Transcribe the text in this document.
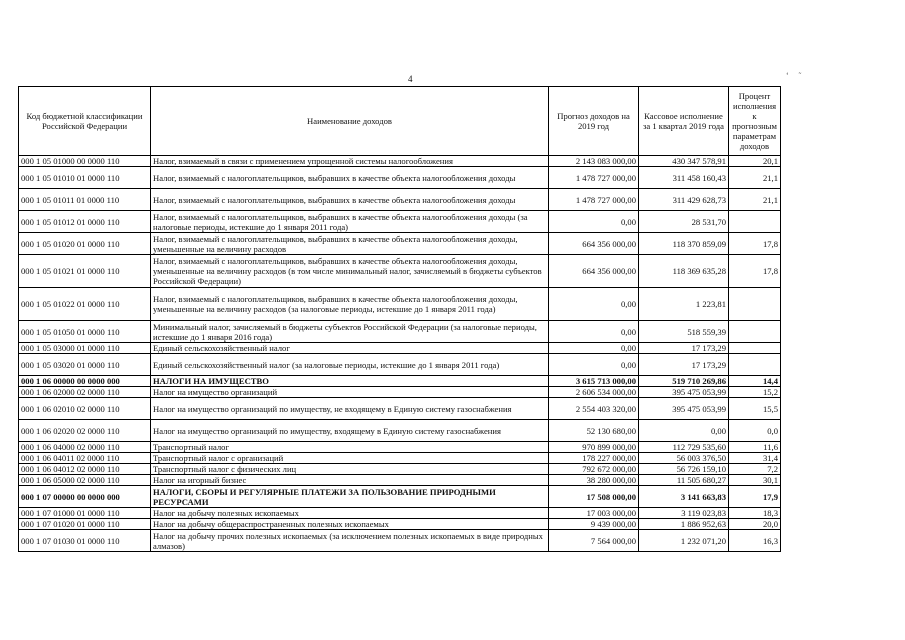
4	‘ ˜
Код бюджетной классификации Российской Федерации	Наименование доходов	Прогноз доходов на 2019 год	Кассовое исполнение за 1 квартал 2019 года	Процент исполнения к прогнозным параметрам доходов
000 1 05 01000 00 0000 110	Налог, взимаемый в связи с применением упрощенной системы налогообложения	2 143 083 000,00	430 347 578,91	20,1
000 1 05 01010 01 0000 110	Налог, взимаемый с налогоплательщиков, выбравших в качестве объекта налогообложения доходы	1 478 727 000,00	311 458 160,43	21,1
000 1 05 01011 01 0000 110	Налог, взимаемый с налогоплательщиков, выбравших в качестве объекта налогообложения доходы	1 478 727 000,00	311 429 628,73	21,1
000 1 05 01012 01 0000 110	Налог, взимаемый с налогоплательщиков, выбравших в качестве объекта налогообложения доходы (за налоговые периоды, истекшие до 1 января 2011 года)	0,00	28 531,70	
000 1 05 01020 01 0000 110	Налог, взимаемый с налогоплательщиков, выбравших в качестве объекта налогообложения доходы, уменьшенные на величину расходов	664 356 000,00	118 370 859,09	17,8
000 1 05 01021 01 0000 110	Налог, взимаемый с налогоплательщиков, выбравших в качестве объекта налогообложения доходы, уменьшенные на величину расходов (в том числе минимальный налог, зачисляемый в бюджеты субъектов Российской Федерации)	664 356 000,00	118 369 635,28	17,8
000 1 05 01022 01 0000 110	Налог, взимаемый с налогоплательщиков, выбравших в качестве объекта налогообложения доходы, уменьшенные на величину расходов (за налоговые периоды, истекшие до 1 января 2011 года)	0,00	1 223,81	
000 1 05 01050 01 0000 110	Минимальный налог, зачисляемый в бюджеты субъектов Российской Федерации (за налоговые периоды, истекшие до 1 января 2016 года)	0,00	518 559,39	
000 1 05 03000 01 0000 110	Единый сельскохозяйственный налог	0,00	17 173,29	
000 1 05 03020 01 0000 110	Единый сельскохозяйственный налог (за налоговые периоды, истекшие до 1 января 2011 года)	0,00	17 173,29	
000 1 06 00000 00 0000 000	НАЛОГИ НА ИМУЩЕСТВО	3 615 713 000,00	519 710 269,86	14,4
000 1 06 02000 02 0000 110	Налог на имущество организаций	2 606 534 000,00	395 475 053,99	15,2
000 1 06 02010 02 0000 110	Налог на имущество организаций по имуществу, не входящему в Единую систему газоснабжения	2 554 403 320,00	395 475 053,99	15,5
000 1 06 02020 02 0000 110	Налог на имущество организаций по имуществу, входящему в Единую систему газоснабжения	52 130 680,00	0,00	0,0
000 1 06 04000 02 0000 110	Транспортный налог	970 899 000,00	112 729 535,60	11,6
000 1 06 04011 02 0000 110	Транспортный налог с организаций	178 227 000,00	56 003 376,50	31,4
000 1 06 04012 02 0000 110	Транспортный налог с физических лиц	792 672 000,00	56 726 159,10	7,2
000 1 06 05000 02 0000 110	Налог на игорный бизнес	38 280 000,00	11 505 680,27	30,1
000 1 07 00000 00 0000 000	НАЛОГИ, СБОРЫ И РЕГУЛЯРНЫЕ ПЛАТЕЖИ ЗА ПОЛЬЗОВАНИЕ ПРИРОДНЫМИ РЕСУРСАМИ	17 508 000,00	3 141 663,83	17,9
000 1 07 01000 01 0000 110	Налог на добычу полезных ископаемых	17 003 000,00	3 119 023,83	18,3
000 1 07 01020 01 0000 110	Налог на добычу общераспространенных полезных ископаемых	9 439 000,00	1 886 952,63	20,0
000 1 07 01030 01 0000 110	Налог на добычу прочих полезных ископаемых (за исключением полезных ископаемых в виде природных алмазов)	7 564 000,00	1 232 071,20	16,3
